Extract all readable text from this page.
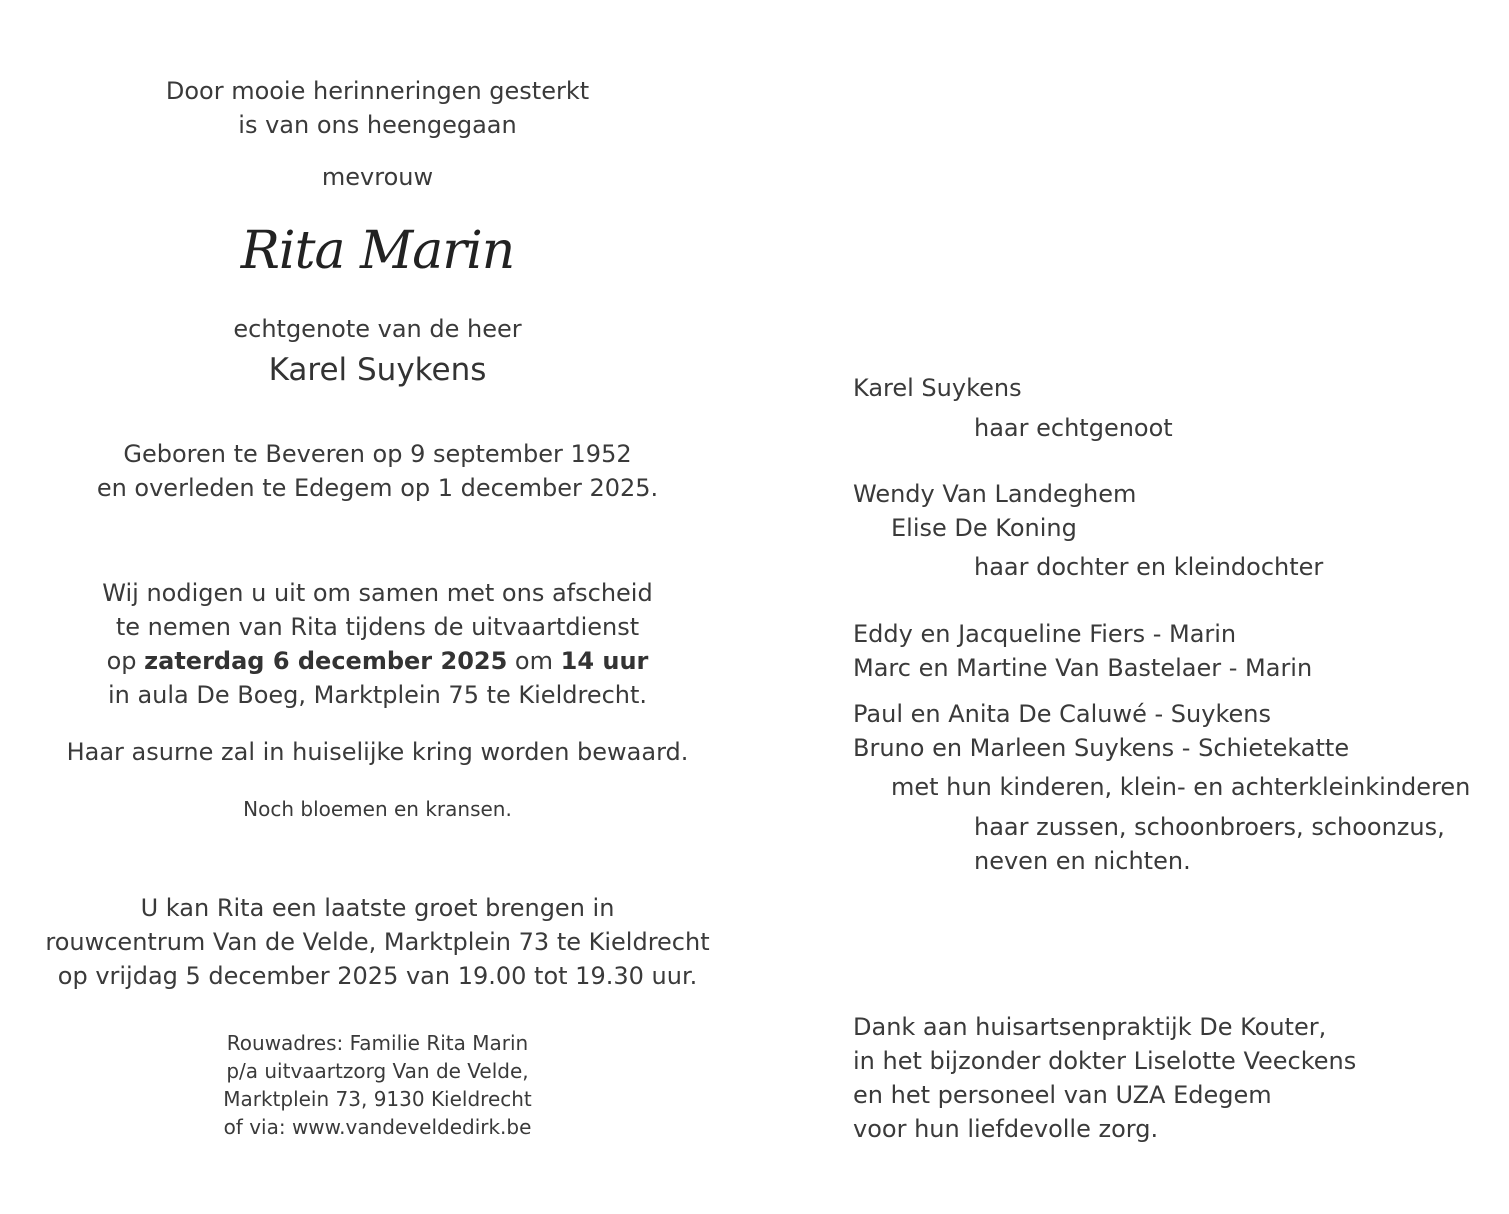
Door mooie herinneringen gesterkt
is van ons heengegaan
mevrouw
Rita Marin
echtgenote van de heer
Karel Suykens
Geboren te Beveren op 9 september 1952
en overleden te Edegem op 1 december 2025.
Wij nodigen u uit om samen met ons afscheid
te nemen van Rita tijdens de uitvaartdienst
op zaterdag 6 december 2025 om 14 uur
in aula De Boeg, Marktplein 75 te Kieldrecht.
Haar asurne zal in huiselijke kring worden bewaard.
Noch bloemen en kransen.
U kan Rita een laatste groet brengen in
rouwcentrum Van de Velde, Marktplein 73 te Kieldrecht
op vrijdag 5 december 2025 van 19.00 tot 19.30 uur.
Rouwadres: Familie Rita Marin
p/a uitvaartzorg Van de Velde,
Marktplein 73, 9130 Kieldrecht
of via: www.vandeveldedirk.be
Karel Suykens
haar echtgenoot
Wendy Van Landeghem
Elise De Koning
haar dochter en kleindochter
Eddy en Jacqueline Fiers - Marin
Marc en Martine Van Bastelaer - Marin
Paul en Anita De Caluwé - Suykens
Bruno en Marleen Suykens - Schietekatte
met hun kinderen, klein- en achterkleinkinderen
haar zussen, schoonbroers, schoonzus,
neven en nichten.
Dank aan huisartsenpraktijk De Kouter,
in het bijzonder dokter Liselotte Veeckens
en het personeel van UZA Edegem
voor hun liefdevolle zorg.
